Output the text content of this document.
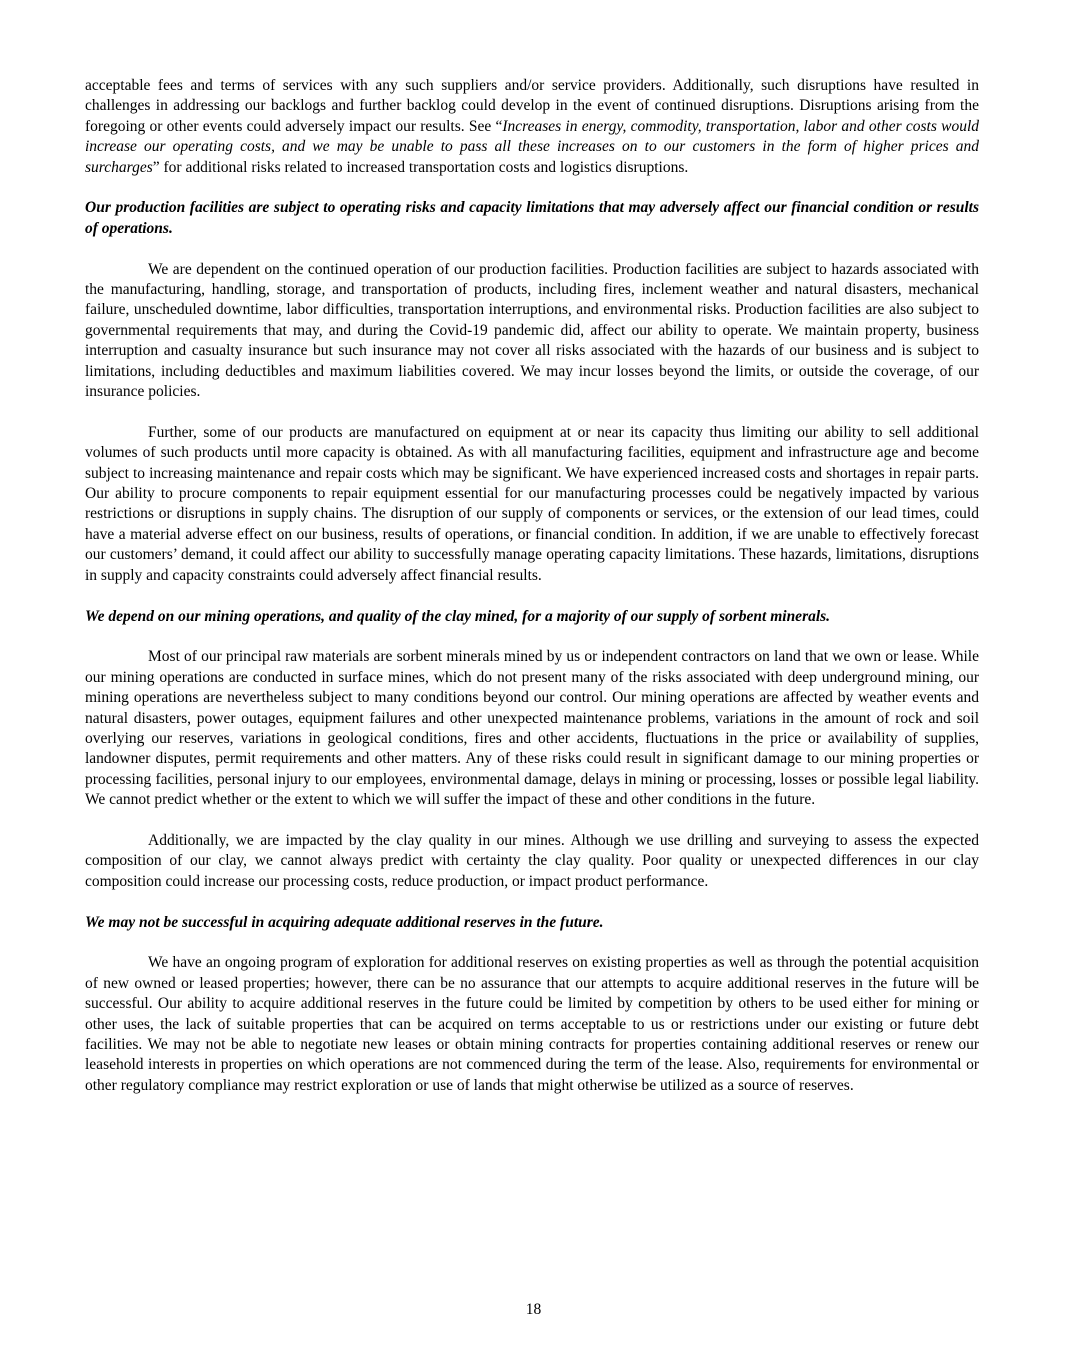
acceptable fees and terms of services with any such suppliers and/or service providers. Additionally, such disruptions have resulted in challenges in addressing our backlogs and further backlog could develop in the event of continued disruptions. Disruptions arising from the foregoing or other events could adversely impact our results. See “Increases in energy, commodity, transportation, labor and other costs would increase our operating costs, and we may be unable to pass all these increases on to our customers in the form of higher prices and surcharges” for additional risks related to increased transportation costs and logistics disruptions.

Our production facilities are subject to operating risks and capacity limitations that may adversely affect our financial condition or results of operations.

We are dependent on the continued operation of our production facilities. Production facilities are subject to hazards associated with the manufacturing, handling, storage, and transportation of products, including fires, inclement weather and natural disasters, mechanical failure, unscheduled downtime, labor difficulties, transportation interruptions, and environmental risks. Production facilities are also subject to governmental requirements that may, and during the Covid-19 pandemic did, affect our ability to operate. We maintain property, business interruption and casualty insurance but such insurance may not cover all risks associated with the hazards of our business and is subject to limitations, including deductibles and maximum liabilities covered. We may incur losses beyond the limits, or outside the coverage, of our insurance policies.

Further, some of our products are manufactured on equipment at or near its capacity thus limiting our ability to sell additional volumes of such products until more capacity is obtained. As with all manufacturing facilities, equipment and infrastructure age and become subject to increasing maintenance and repair costs which may be significant. We have experienced increased costs and shortages in repair parts. Our ability to procure components to repair equipment essential for our manufacturing processes could be negatively impacted by various restrictions or disruptions in supply chains. The disruption of our supply of components or services, or the extension of our lead times, could have a material adverse effect on our business, results of operations, or financial condition. In addition, if we are unable to effectively forecast our customers’ demand, it could affect our ability to successfully manage operating capacity limitations. These hazards, limitations, disruptions in supply and capacity constraints could adversely affect financial results.

We depend on our mining operations, and quality of the clay mined, for a majority of our supply of sorbent minerals.

Most of our principal raw materials are sorbent minerals mined by us or independent contractors on land that we own or lease. While our mining operations are conducted in surface mines, which do not present many of the risks associated with deep underground mining, our mining operations are nevertheless subject to many conditions beyond our control. Our mining operations are affected by weather events and natural disasters, power outages, equipment failures and other unexpected maintenance problems, variations in the amount of rock and soil overlying our reserves, variations in geological conditions, fires and other accidents, fluctuations in the price or availability of supplies, landowner disputes, permit requirements and other matters. Any of these risks could result in significant damage to our mining properties or processing facilities, personal injury to our employees, environmental damage, delays in mining or processing, losses or possible legal liability. We cannot predict whether or the extent to which we will suffer the impact of these and other conditions in the future.

Additionally, we are impacted by the clay quality in our mines. Although we use drilling and surveying to assess the expected composition of our clay, we cannot always predict with certainty the clay quality. Poor quality or unexpected differences in our clay composition could increase our processing costs, reduce production, or impact product performance.

We may not be successful in acquiring adequate additional reserves in the future.

We have an ongoing program of exploration for additional reserves on existing properties as well as through the potential acquisition of new owned or leased properties; however, there can be no assurance that our attempts to acquire additional reserves in the future will be successful. Our ability to acquire additional reserves in the future could be limited by competition by others to be used either for mining or other uses, the lack of suitable properties that can be acquired on terms acceptable to us or restrictions under our existing or future debt facilities. We may not be able to negotiate new leases or obtain mining contracts for properties containing additional reserves or renew our leasehold interests in properties on which operations are not commenced during the term of the lease. Also, requirements for environmental or other regulatory compliance may restrict exploration or use of lands that might otherwise be utilized as a source of reserves.

18
